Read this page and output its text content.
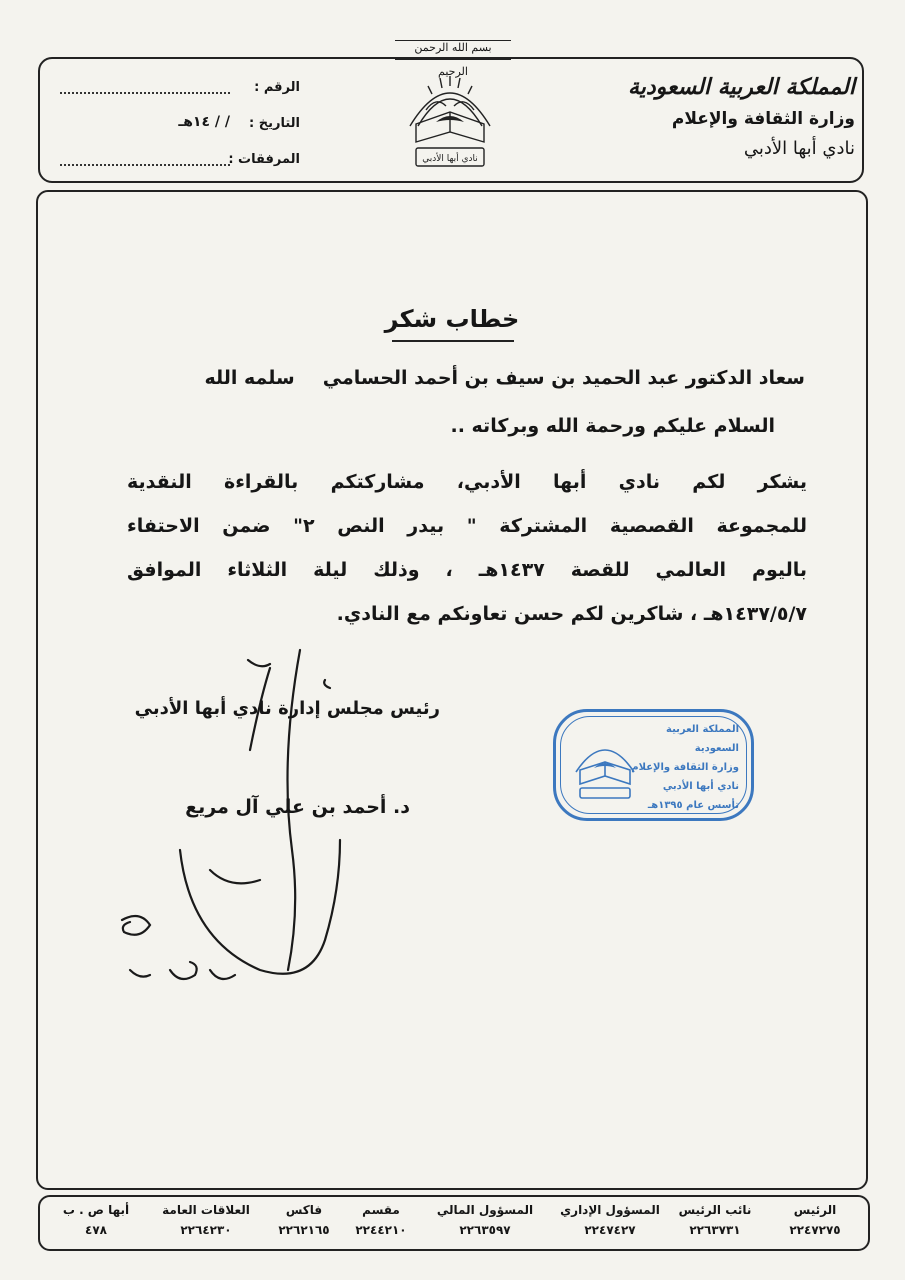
بسم الله الرحمن الرحيم
المملكة العربية السعودية
وزارة الثقافة والإعلام
نادي أبها الأدبي
نادي أبها الأدبي
الرقم :
التاريخ :
/ / ١٤هـ
المرفقات :
خطاب شكر
سعاد الدكتور عبد الحميد بن سيف بن أحمد الحساميسلمه الله
السلام عليكم ورحمة الله وبركاته ..
يشكر لكم نادي أبها الأدبي، مشاركتكم بالقراءة النقدية
للمجموعة القصصية المشتركة " بيدر النص ٢" ضمن الاحتفاء
باليوم العالمي للقصة ١٤٣٧هـ ، وذلك ليلة الثلاثاء الموافق
١٤٣٧/٥/٧هـ ، شاكرين لكم حسن تعاونكم مع النادي.
رئيس مجلس إدارة نادي أبها الأدبي
د. أحمد بن علي آل مريع
المملكة العربية السعودية
وزارة الثقافة والإعلام
نادي أبها الأدبي
تأسس عام ١٣٩٥هـ
الرئيس
٢٢٤٧٢٧٥
نائب الرئيس
٢٢٦٣٧٣١
المسؤول الإداري
٢٢٤٧٤٢٧
المسؤول المالي
٢٢٦٣٥٩٧
مقسم
٢٢٤٤٢١٠
فاكس
٢٢٦٢١٦٥
العلاقات العامة
٢٢٦٤٢٣٠
أبها ص . ب
٤٧٨
